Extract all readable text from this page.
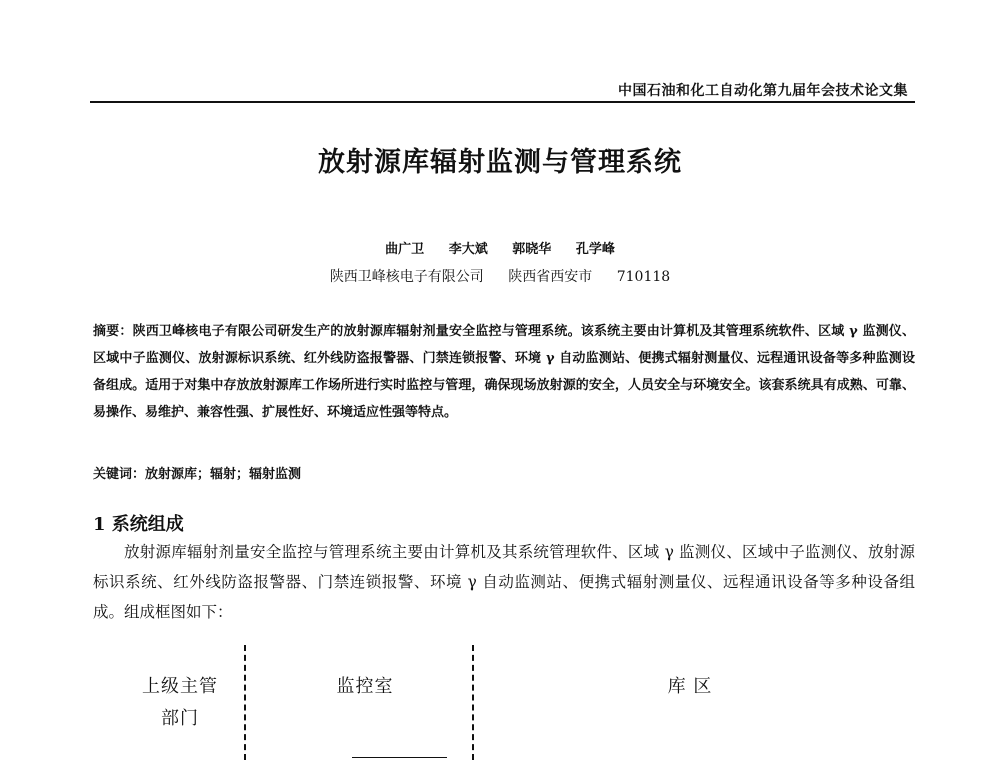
中国石油和化工自动化第九届年会技术论文集
放射源库辐射监测与管理系统
曲广卫 李大斌 郭晓华 孔学峰
陕西卫峰核电子有限公司 陕西省西安市 710118
摘要：陕西卫峰核电子有限公司研发生产的放射源库辐射剂量安全监控与管理系统。该系统主要由计算机及其管理系统软件、区域 γ 监测仪、区域中子监测仪、放射源标识系统、红外线防盗报警器、门禁连锁报警、环境 γ 自动监测站、便携式辐射测量仪、远程通讯设备等多种监测设备组成。适用于对集中存放放射源库工作场所进行实时监控与管理，确保现场放射源的安全，人员安全与环境安全。该套系统具有成熟、可靠、易操作、易维护、兼容性强、扩展性好、环境适应性强等特点。
关键词：放射源库；辐射；辐射监测
1 系统组成
放射源库辐射剂量安全监控与管理系统主要由计算机及其系统管理软件、区域 γ 监测仪、区域中子监测仪、放射源标识系统、红外线防盗报警器、门禁连锁报警、环境 γ 自动监测站、便携式辐射测量仪、远程通讯设备等多种设备组成。组成框图如下：
上级主管
部门
监控室	库 区
